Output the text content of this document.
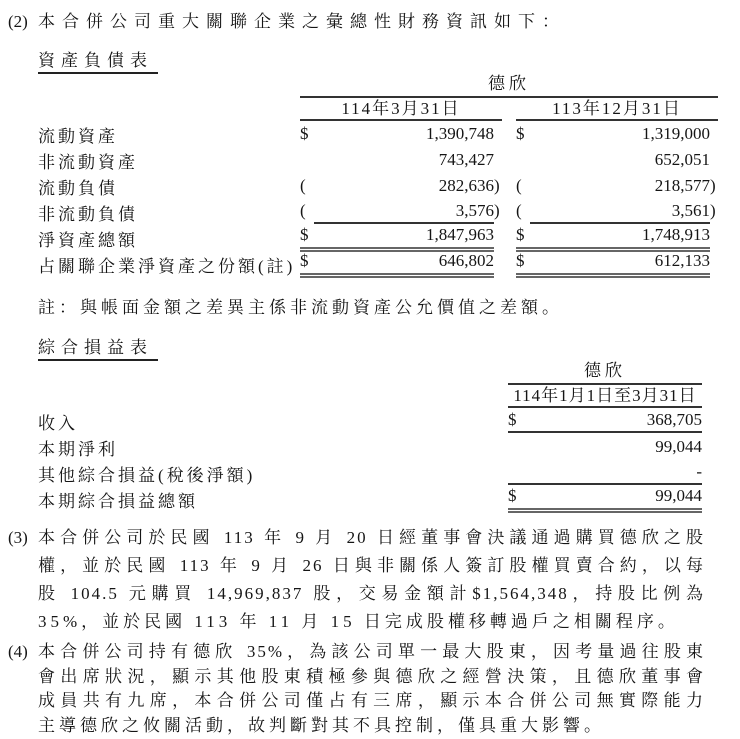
(2) 本合併公司重大關聯企業之彙總性財務資訊如下：
資產負債表
德欣
114年3月31日	113年12月31日
流動資產	$	1,390,748 $	1,319,000
非流動資產	743,427	652,051
流動負債	(	282,636 ) (	218,577 )
非流動負債	(	3,576 ) (	3,561 )
淨資產總額	$	1,847,963 $	1,748,913
占關聯企業淨資產之份額(註) $	646,802 $	612,133
註：與帳面金額之差異主係非流動資產公允價值之差額。
綜合損益表
德欣
114年1月1日至3月31日
收入	$	368,705
本期淨利	99,044
其他綜合損益(稅後淨額)	-
本期綜合損益總額	$	99,044
(3) 本合併公司於民國 113 年 9 月 20 日經董事會決議通過購買德欣之股
權，並於民國 113 年 9 月 26 日與非關係人簽訂股權買賣合約，以每
股 104.5 元購買 14,969,837 股，交易金額計$1,564,348，持股比例為
35%，並於民國 113 年 11 月 15 日完成股權移轉過戶之相關程序。
(4) 本合併公司持有德欣 35%，為該公司單一最大股東，因考量過往股東
會出席狀況，顯示其他股東積極參與德欣之經營決策，且德欣董事會
成員共有九席，本合併公司僅占有三席，顯示本合併公司無實際能力
主導德欣之攸關活動，故判斷對其不具控制，僅具重大影響。
